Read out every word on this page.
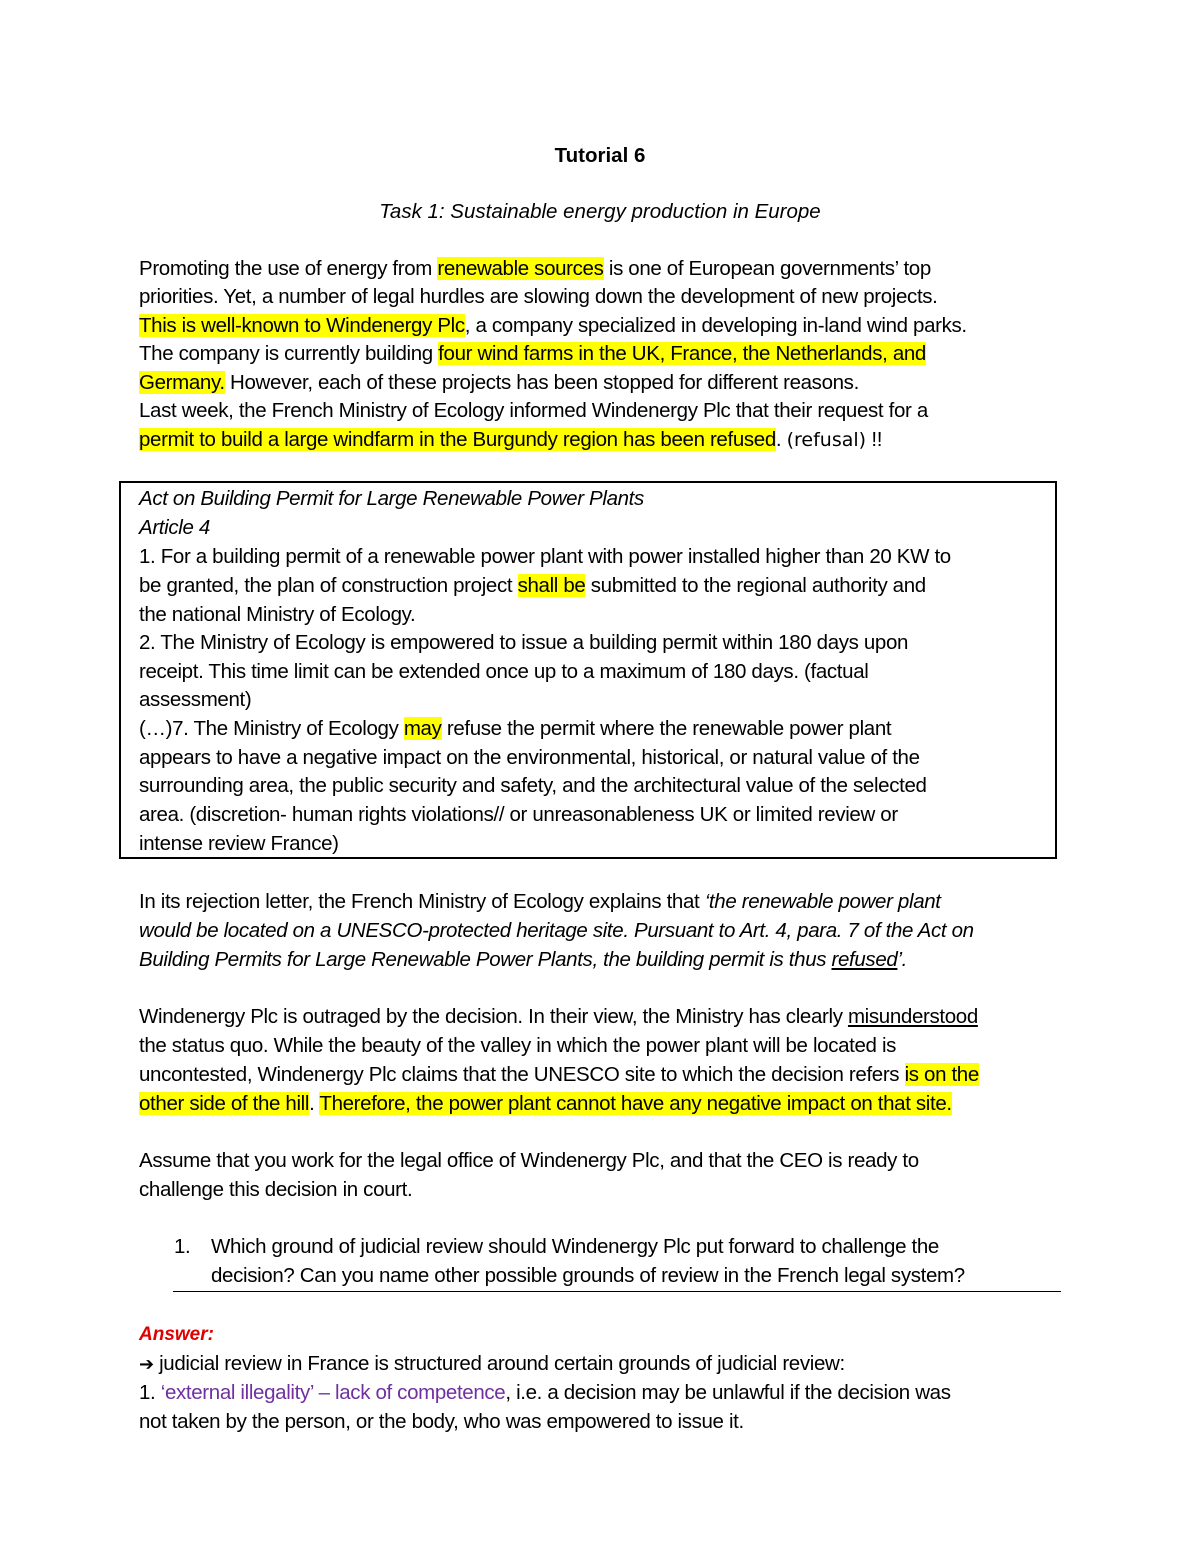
Tutorial 6
Task 1: Sustainable energy production in Europe
Promoting the use of energy from renewable sources is one of European governments’ top
priorities. Yet, a number of legal hurdles are slowing down the development of new projects.
This is well-known to Windenergy Plc, a company specialized in developing in-land wind parks.
The company is currently building four wind farms in the UK, France, the Netherlands, and
Germany. However, each of these projects has been stopped for different reasons.
Last week, the French Ministry of Ecology informed Windenergy Plc that their request for a
permit to build a large windfarm in the Burgundy region has been refused. (refusal) !!
Act on Building Permit for Large Renewable Power Plants
Article 4
1. For a building permit of a renewable power plant with power installed higher than 20 KW to
be granted, the plan of construction project shall be submitted to the regional authority and
the national Ministry of Ecology.
2. The Ministry of Ecology is empowered to issue a building permit within 180 days upon
receipt. This time limit can be extended once up to a maximum of 180 days. (factual
assessment)
(…)7. The Ministry of Ecology may refuse the permit where the renewable power plant
appears to have a negative impact on the environmental, historical, or natural value of the
surrounding area, the public security and safety, and the architectural value of the selected
area. (discretion- human rights violations// or unreasonableness UK or limited review or
intense review France)
In its rejection letter, the French Ministry of Ecology explains that ‘the renewable power plant
would be located on a UNESCO-protected heritage site. Pursuant to Art. 4, para. 7 of the Act on
Building Permits for Large Renewable Power Plants, the building permit is thus refused’.
Windenergy Plc is outraged by the decision. In their view, the Ministry has clearly misunderstood
the status quo. While the beauty of the valley in which the power plant will be located is
uncontested, Windenergy Plc claims that the UNESCO site to which the decision refers is on the
other side of the hill. Therefore, the power plant cannot have any negative impact on that site.
Assume that you work for the legal office of Windenergy Plc, and that the CEO is ready to
challenge this decision in court.
1. Which ground of judicial review should Windenergy Plc put forward to challenge the
decision? Can you name other possible grounds of review in the French legal system?
Answer:
➔ judicial review in France is structured around certain grounds of judicial review:
1. ‘external illegality’ – lack of competence, i.e. a decision may be unlawful if the decision was
not taken by the person, or the body, who was empowered to issue it.
